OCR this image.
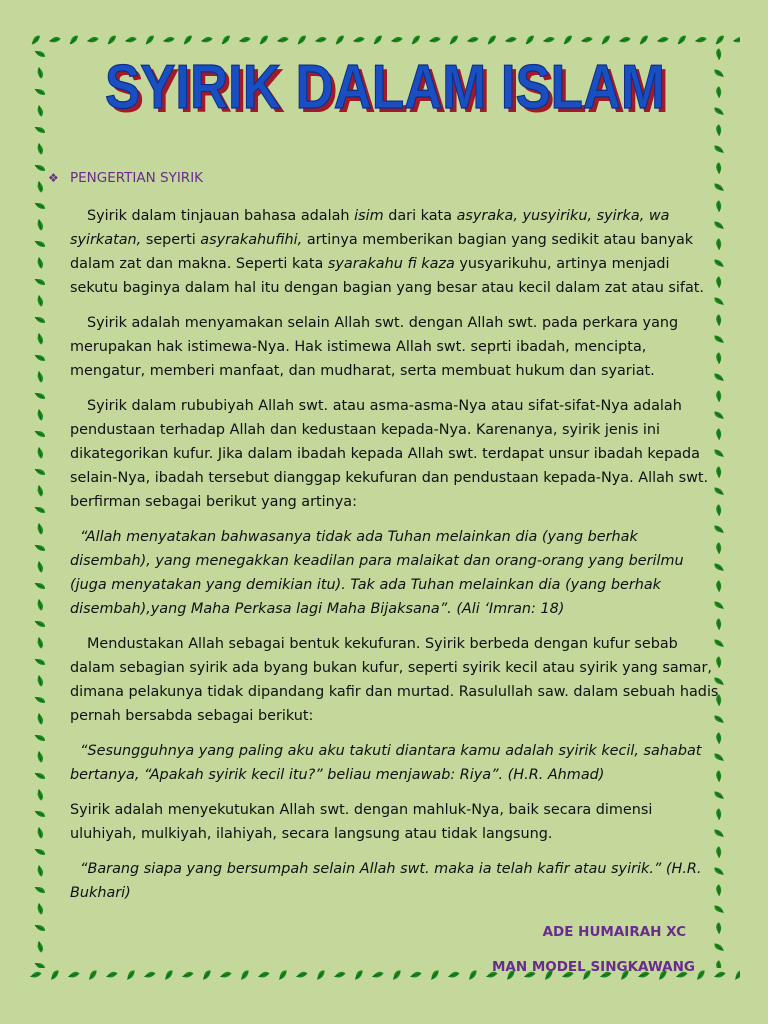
SYIRIK DALAM ISLAM
SYIRIK DALAM ISLAM
❖ PENGERTIAN SYIRIK

Syirik dalam tinjauan bahasa adalah isim dari kata asyraka, yusyiriku, syirka, wa syirkatan, seperti asyrakahufihi, artinya memberikan bagian yang sedikit atau banyak dalam zat dan makna. Seperti kata syarakahu fi kaza yusyarikuhu, artinya menjadi sekutu baginya dalam hal itu dengan bagian yang besar atau kecil dalam zat atau sifat.

Syirik adalah menyamakan selain Allah swt. dengan Allah swt. pada perkara yang merupakan hak istimewa-Nya. Hak istimewa Allah swt. seprti ibadah, mencipta, mengatur, memberi manfaat, dan mudharat, serta membuat hukum dan syariat.

Syirik dalam rububiyah Allah swt. atau asma-asma-Nya atau sifat-sifat-Nya adalah pendustaan terhadap Allah dan kedustaan kepada-Nya. Karenanya, syirik jenis ini dikategorikan kufur. Jika dalam ibadah kepada Allah swt. terdapat unsur ibadah kepada selain-Nya, ibadah tersebut dianggap kekufuran dan pendustaan kepada-Nya. Allah swt. berfirman sebagai berikut yang artinya:

“Allah menyatakan bahwasanya tidak ada Tuhan melainkan dia (yang berhak disembah), yang menegakkan keadilan para malaikat dan orang-orang yang berilmu (juga menyatakan yang demikian itu). Tak ada Tuhan melainkan dia (yang berhak disembah),yang Maha Perkasa lagi Maha Bijaksana”. (Ali ‘Imran: 18)

Mendustakan Allah sebagai bentuk kekufuran. Syirik berbeda dengan kufur sebab dalam sebagian syirik ada byang bukan kufur, seperti syirik kecil atau syirik yang samar, dimana pelakunya tidak dipandang kafir dan murtad. Rasulullah saw. dalam sebuah hadis pernah bersabda sebagai berikut:

“Sesungguhnya yang paling aku aku takuti diantara kamu adalah syirik kecil, sahabat bertanya, “Apakah syirik kecil itu?” beliau menjawab: Riya”. (H.R. Ahmad)

Syirik adalah menyekutukan Allah swt. dengan mahluk-Nya, baik secara dimensi uluhiyah, mulkiyah, ilahiyah, secara langsung atau tidak langsung.

“Barang siapa yang bersumpah selain Allah swt. maka ia telah kafir atau syirik.” (H.R. Bukhari)

ADE HUMAIRAH XC
MAN MODEL SINGKAWANG
